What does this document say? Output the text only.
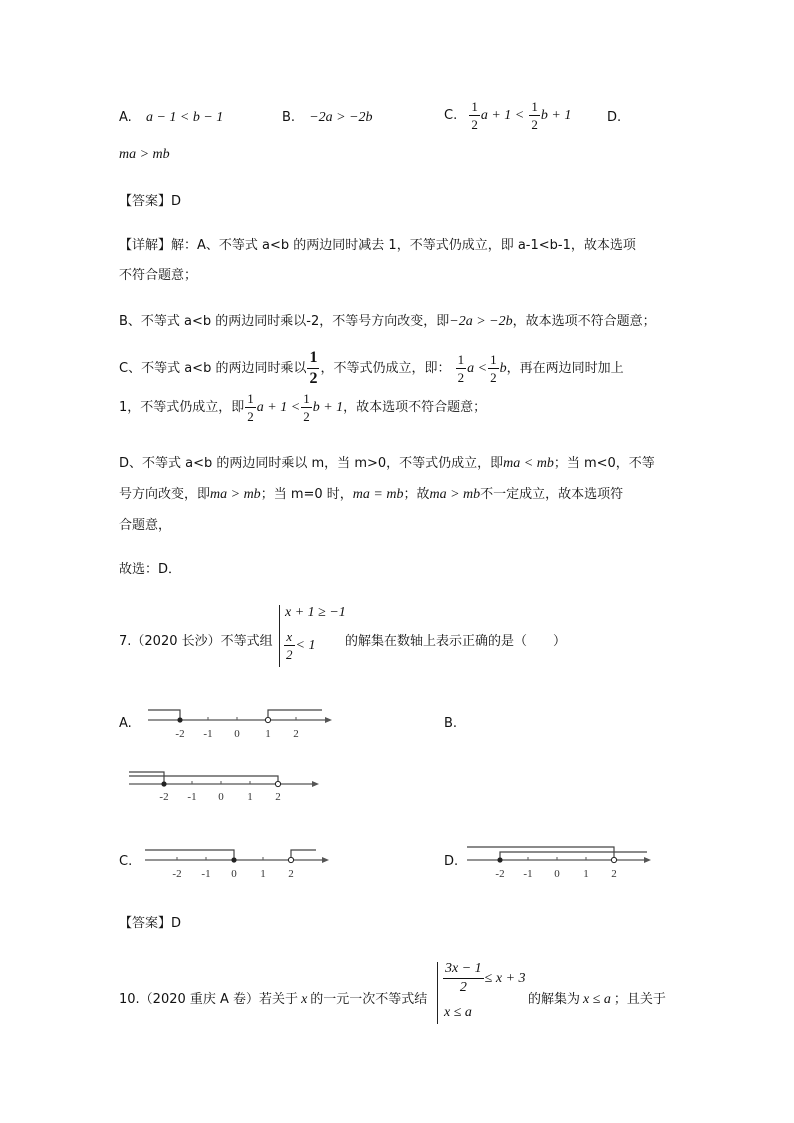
A. a − 1 < b − 1	B. −2a > −2b	C. $\frac{1}{2}$ $a + 1 < \frac{1}{2}$ b + 1	D.
ma > mb
【答案】D
【详解】解：A、不等式 a<b 的两边同时减去 1，不等式仍成立，即 a-1<b-1，故本选项
不符合题意；
B、不等式 a<b 的两边同时乘以-2，不等号方向改变，即−2a > −2b，故本选项不符合题意；
C、不等式 a<b 的两边同时乘以 $\frac{1}{2}$ ，不等式仍成立，即： $\frac{1}{2}$ $a < \frac{1}{2}$ b，再在两边同时加上
1，不等式仍成立，即 $\frac{1}{2}$ $a + 1 < \frac{1}{2}$ b + 1，故本选项不符合题意；
D、不等式 a<b 的两边同时乘以 m，当 m>0，不等式仍成立，即ma < mb；当 m<0，不等
号方向改变，即ma > mb；当 m=0 时，ma = mb；故ma > mb不一定成立，故本选项符
合题意，
故选：D．
7.（2020 长沙）不等式组
x + 1 ≥ −1
$\frac{x}{2} < 1$ 的解集在数轴上表示正确的是（　　）
A.	B.
C.	D.
-2 -1 0 1 2
-2 -1 0 1 2
-2 -1 0 1 2	-2 -1 0 1 2
【答案】D
10.（2020 重庆 A 卷）若关于 x 的一元一次不等式结
$\frac{3x - 1}{2} \le x + 3$
x ≤ a
的解集为 x ≤ a ；且关于
